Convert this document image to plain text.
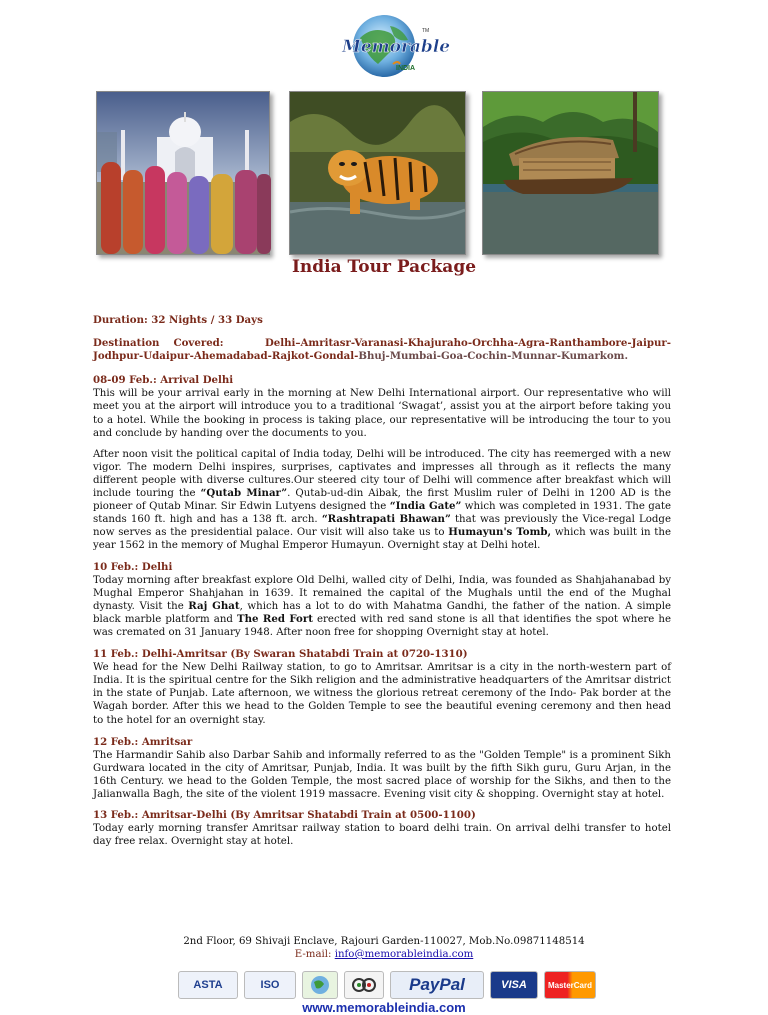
Memorable
TM
INDIA
India Tour Package

Duration: 32 Nights / 33 Days

Destination Covered:	Delhi–Amritasr-Varanasi-Khajuraho-Orchha-Agra-Ranthambore-Jaipur-Jodhpur-Udaipur-Ahemadabad-Rajkot-Gondal-Bhuj-Mumbai-Goa-Cochin-Munnar-Kumarkom.

08-09 Feb.: Arrival Delhi

This will be your arrival early in the morning at New Delhi International airport. Our representative who will meet you at the airport will introduce you to a traditional ‘Swagat’, assist you at the airport before taking you to a hotel. While the booking in process is taking place, our representative will be introducing the tour to you and conclude by handing over the documents to you.

After noon visit the political capital of India today, Delhi will be introduced. The city has reemerged with a new vigor. The modern Delhi inspires, surprises, captivates and impresses all through as it reflects the many different people with diverse cultures.Our steered city tour of Delhi will commence after breakfast which will include touring the “Qutab Minar”. Qutab-ud-din Aibak, the first Muslim ruler of Delhi in 1200 AD is the pioneer of Qutab Minar. Sir Edwin Lutyens designed the “India Gate” which was completed in 1931. The gate stands 160 ft. high and has a 138 ft. arch. “Rashtrapati Bhawan” that was previously the Vice-regal Lodge now serves as the presidential palace. Our visit will also take us to Humayun's Tomb, which was built in the year 1562 in the memory of Mughal Emperor Humayun. Overnight stay at Delhi hotel.

10 Feb.: Delhi

Today morning after breakfast explore Old Delhi, walled city of Delhi, India, was founded as Shahjahanabad by Mughal Emperor Shahjahan in 1639. It remained the capital of the Mughals until the end of the Mughal dynasty. Visit the Raj Ghat, which has a lot to do with Mahatma Gandhi, the father of the nation. A simple black marble platform and The Red Fort erected with red sand stone is all that identifies the spot where he was cremated on 31 January 1948. After noon free for shopping Overnight stay at hotel.

11 Feb.: Delhi-Amritsar (By Swaran Shatabdi Train at 0720-1310)

We head for the New Delhi Railway station, to go to Amritsar. Amritsar is a city in the north-western part of India. It is the spiritual centre for the Sikh religion and the administrative headquarters of the Amritsar district in the state of Punjab. Late afternoon, we witness the glorious retreat ceremony of the Indo- Pak border at the Wagah border. After this we head to the Golden Temple to see the beautiful evening ceremony and then head to the hotel for an overnight stay.

12 Feb.: Amritsar

The Harmandir Sahib also Darbar Sahib and informally referred to as the "Golden Temple" is a prominent Sikh Gurdwara located in the city of Amritsar, Punjab, India. It was built by the fifth Sikh guru, Guru Arjan, in the 16th Century. we head to the Golden Temple, the most sacred place of worship for the Sikhs, and then to the Jalianwalla Bagh, the site of the violent 1919 massacre. Evening visit city & shopping. Overnight stay at hotel.

13 Feb.: Amritsar-Delhi (By Amritsar Shatabdi Train at 0500-1100)

Today early morning transfer Amritsar railway station to board delhi train. On arrival delhi transfer to hotel day free relax. Overnight stay at hotel.

2nd Floor, 69 Shivaji Enclave, Rajouri Garden-110027, Mob.No.09871148514
E-mail: info@memorableindia.com
ASTA	ISO	PayPal	VISA	MasterCard
www.memorableindia.com
